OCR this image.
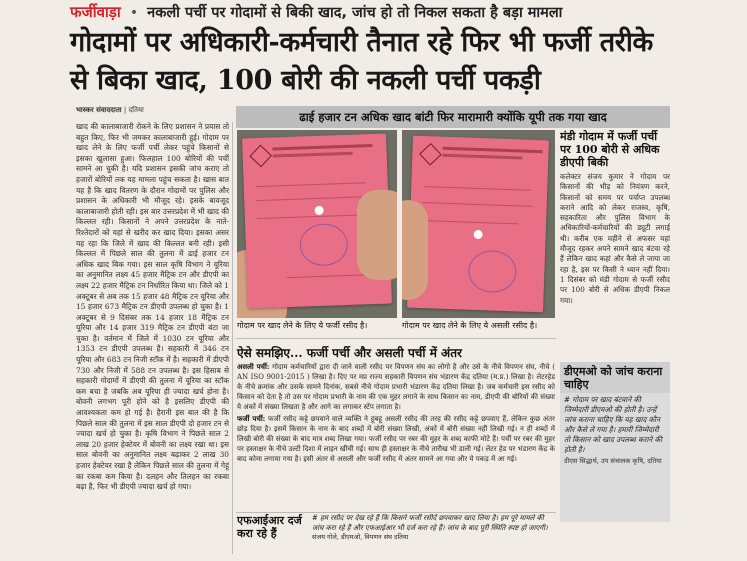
फर्जीवाड़ा • नकली पर्ची पर गोदामों से बिकी खाद, जांच हो तो निकल सकता है बड़ा मामला
गोदामों पर अधिकारी-कर्मचारी तैनात रहे फिर भी फर्जी तरीके से बिका खाद, 100 बोरी की नकली पर्ची पकड़ी
भास्कर संवाददाता | दतिया

खाद की कालाबाजारी रोकने के लिए प्रशासन ने प्रयास तो बहुत किए, फिर भी जमकर कालाबाजारी हुई। गोदाम पर खाद लेने के लिए फर्जी पर्ची लेकर पहुंचे किसानों से इसका खुलासा हुआ। फिलहाल 100 बोरियों की पर्ची सामने आ चुकी है। यदि प्रशासन इसकी जांच कराए तो हजारों बोरियों तक यह मामला पहुंच सकता है। खास बात यह है कि खाद वितरण के दौरान गोदामों पर पुलिस और प्रशासन के अधिकारी भी मौजूद रहे। इसके बावजूद कालाबाजारी होती रही। इस बार उत्तरप्रदेश में भी खाद की किल्लत रही। किसानों ने अपने उत्तरप्रदेश के नाते-रिश्तेदारों को यहां से खरीद कर खाद दिया। इसका असर यह रहा कि जिले में खाद की किल्लत बनी रही। इसी किल्लत में पिछले साल की तुलना में ढाई हजार टन अधिक खाद बिक गया। इस साल कृषि विभाग ने यूरिया का अनुमानित लक्ष्य 45 हजार मैट्रिक टन और डीएपी का लक्ष्य 22 हजार मैट्रिक टन निर्धारित किया था। जिले को 1 अक्टूबर से अब तक 15 हजार 48 मैट्रिक टन यूरिया और 15 हजार 673 मैट्रिक टन डीएपी उपलब्ध हो चुका है। 1 अक्टूबर से 9 दिसंबर तक 14 हजार 18 मैट्रिक टन यूरिया और 14 हजार 319 मैट्रिक टन डीएपी बंटा जा चुका है। वर्तमान में जिले में 1030 टन यूरिया और 1353 टन डीएपी उपलब्ध है। सहकारी में 346 टन यूरिया और 683 टन निजी स्टॉक में है। सहकारी में डीएपी 730 और निजी में 588 टन उपलब्ध है। इस हिसाब से सहकारी गोदामों में डीएपी की तुलना में यूरिया का स्टॉक कम बचा है जबकि अब यूरिया ही ज्यादा खर्च होना है। बोवनी लगभग पूरी होने को है इसलिए डीएपी की आवश्यकता कम हो गई है। हैरानी इस बात की है कि पिछले साल की तुलना में इस साल डीएपी दो हजार टन से ज्यादा खर्च हो चुका है। कृषि विभाग ने पिछले साल 2 लाख 20 हजार हेक्टेयर में बोवनी का लक्ष्य रखा था। इस साल बोवनी का अनुमानित लक्ष्य बढ़ाकर 2 लाख 30 हजार हेक्टेयर रखा है लेकिन पिछले साल की तुलना में गेहूं का रकबा कम किया है। दलहन और तिलहन का रकबा बढ़ा है, फिर भी डीएपी ज्यादा खर्च हो गया।

ढाई हजार टन अधिक खाद बांटी फिर मारामारी क्योंकि यूपी तक गया खाद
गोदाम पर खाद लेने के लिए ये फर्जी रसीद है।	गोदाम पर खाद लेने के लिए ये असली रसीद है।

मंडी गोदाम में फर्जी पर्ची पर 100 बोरी से अधिक डीएपी बिकी

कलेक्टर संजय कुमार ने गोदाम पर किसानों की भीड़ को नियंत्रण करने, किसानों को समय पर पर्याप्त उपलब्ध कराने आदि को लेकर राजस्व, कृषि, सहकारिता और पुलिस विभाग के अधिकारियों-कर्मचारियों की ड्यूटी लगाई थी। करीब एक महीने से अफसर यहां मौजूद रहकर अपने सामने खाद बंटवा रहे हैं लेकिन खाद कहां और कैसे ले जाया जा रहा है, इस पर किसी ने ध्यान नहीं दिया। 1 दिसंबर को मंडी गोदाम से फर्जी रसीद पर 100 बोरी से अधिक डीएपी निकल गया।

ऐसे समझिए... फर्जी पर्ची और असली पर्ची में अंतर

असली पर्ची: गोदाम कर्मचारियों द्वारा दी जाने वाली रसीद पर विपणन संघ का लोगो है और उसे के नीचे विपणन संघ, नीचे ( AN ISO 9001-2015 ) लिखा है। दिए पर मप्र राज्य सहकारी विपणन संघ भंडारण केंद्र दतिया (म.प्र.) लिखा है। लेटरहेड के नीचे क्रमांक और उसके सामने दिनांक, सबसे नीचे गोदाम प्रभारी भंडारण केंद्र दतिया लिखा है। जब कर्मचारी इस रसीद को किसान को देता है तो उस पर गोदाम प्रभारी के नाम की एक मुहर लगाने के साथ किसान का नाम, डीएपी की बोरियों की संख्या ये अंकों में संख्या लिखता है और आगे का लगाकर स्टेंप लगाता है।

फर्जी पर्ची: फर्जी रसीद कट्टे छपवाने वाले व्यक्ति ने हूबहू असली रसीद की तरह की रसीद कट्टे छपवाए हैं, लेकिन कुछ अंतर छोड़ दिया है। इसमें किसान के नाम के बाद शब्दों में बोरी संख्या लिखी, अंकों में बोरी संख्या नहीं लिखी गई। न ही शब्दों में लिखी बोरी की संख्या के बाद मात्र शब्द लिखा गया। फर्जी रसीद पर रबर की मुहर के शब्द काफी मोटे हैं। पर्ची पर रबर की मुहर पर हस्ताक्षर के नीचे उल्टी दिशा में लाइन खींची गई। साथ ही हस्ताक्षर के नीचे तारीख भी डाली गई। लेटर हेड पर भंडारण केंद्र के बाद कोमा लगाया गया है। इसी अंतर से असली और फर्जी रसीद में अंतर सामने आ गया और ये पकड़ में आ गई।

डीएमओ को जांच कराना चाहिए

# गोदाम पर खाद बंटवाने की जिम्मेदारी डीएमओ की होती है। उन्हें जांच कराना चाहिए कि यह खाद कौन और कैसे ले गया है। हमारी जिम्मेदारी तो किसान को खाद उपलब्ध कराने की होती है।

डीएस सिद्धार्थ, उप संचालक कृषि, दतिया
एफआईआर दर्ज करा रहे हैं
# हम रसीद पर देख रहे हैं कि किसने फर्जी रसीदें छपवाकर खाद लिया है। हम पूरे मामले की जांच करा रहे हैं और एफआईआर भी दर्ज करा रहे हैं। जांच के बाद पूरी स्थिति स्पष्ट हो जाएगी। संजय गोले, डीएमओ, विपणन संघ दतिया
